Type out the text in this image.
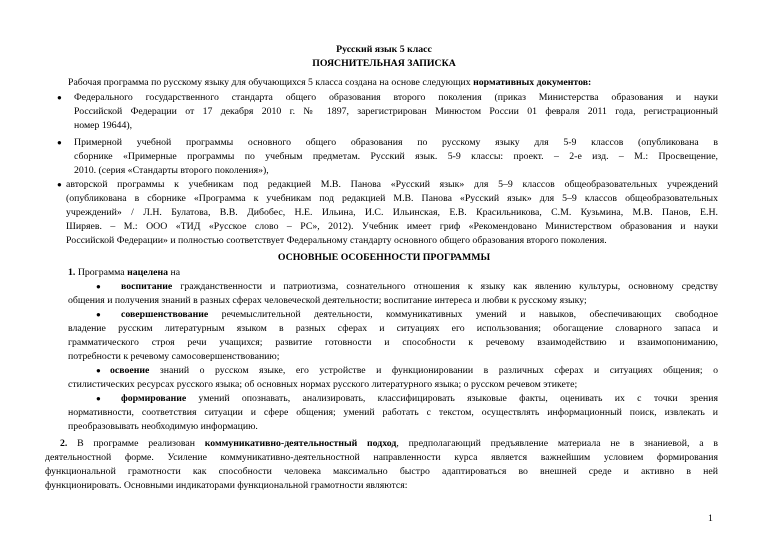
Русский язык 5 класс
ПОЯСНИТЕЛЬНАЯ ЗАПИСКА
Рабочая программа по русскому языку для обучающихся 5 класса создана на основе следующих нормативных документов:
● Федерального государственного стандарта общего образования второго поколения (приказ Министерства образования и науки
Российской Федерации от 17 декабря 2010 г. № 1897, зарегистрирован Минюстом России 01 февраля 2011 года, регистрационный
номер 19644),
● Примерной учебной программы основного общего образования по русскому языку для 5-9 классов (опубликована в
сборнике «Примерные программы по учебным предметам. Русский язык. 5-9 классы: проект. – 2-е изд. – М.: Просвещение,
2010. (серия «Стандарты второго поколения»),
● авторской программы к учебникам под редакцией М.В. Панова «Русский язык» для 5–9 классов общеобразовательных учреждений
(опубликована в сборнике «Программа к учебникам под редакцией М.В. Панова «Русский язык» для 5–9 классов общеобразовательных
учреждений» / Л.Н. Булатова, В.В. Дибобес, Н.Е. Ильина, И.С. Ильинская, Е.В. Красильникова, С.М. Кузьмина, М.В. Панов, Е.Н.
Ширяев. – М.: ООО «ТИД «Русское слово – РС», 2012). Учебник имеет гриф «Рекомендовано Министерством образования и науки
Российской Федерации» и полностью соответствует Федеральному стандарту основного общего образования второго поколения.
ОСНОВНЫЕ ОСОБЕННОСТИ ПРОГРАММЫ
1. Программа нацелена на
● воспитание гражданственности и патриотизма, сознательного отношения к языку как явлению культуры, основному средству
общения и получения знаний в разных сферах человеческой деятельности; воспитание интереса и любви к русскому языку;
● совершенствование речемыслительной деятельности, коммуникативных умений и навыков, обеспечивающих свободное
владение русским литературным языком в разных сферах и ситуациях его использования; обогащение словарного запаса и
грамматического строя речи учащихся; развитие готовности и способности к речевому взаимодействию и взаимопониманию,
потребности к речевому самосовершенствованию;
● освоение знаний о русском языке, его устройстве и функционировании в различных сферах и ситуациях общения; о
стилистических ресурсах русского языка; об основных нормах русского литературного языка; о русском речевом этикете;
● формирование умений опознавать, анализировать, классифицировать языковые факты, оценивать их с точки зрения
нормативности, соответствия ситуации и сфере общения; умений работать с текстом, осуществлять информационный поиск, извлекать и
преобразовывать необходимую информацию.
2. В программе реализован коммуникативно-деятельностный подход, предполагающий предъявление материала не в знаниевой, а в
деятельностной форме. Усиление коммуникативно-деятельностной направленности курса является важнейшим условием формирования
функциональной грамотности как способности человека максимально быстро адаптироваться во внешней среде и активно в ней
функционировать. Основными индикаторами функциональной грамотности являются:
1
